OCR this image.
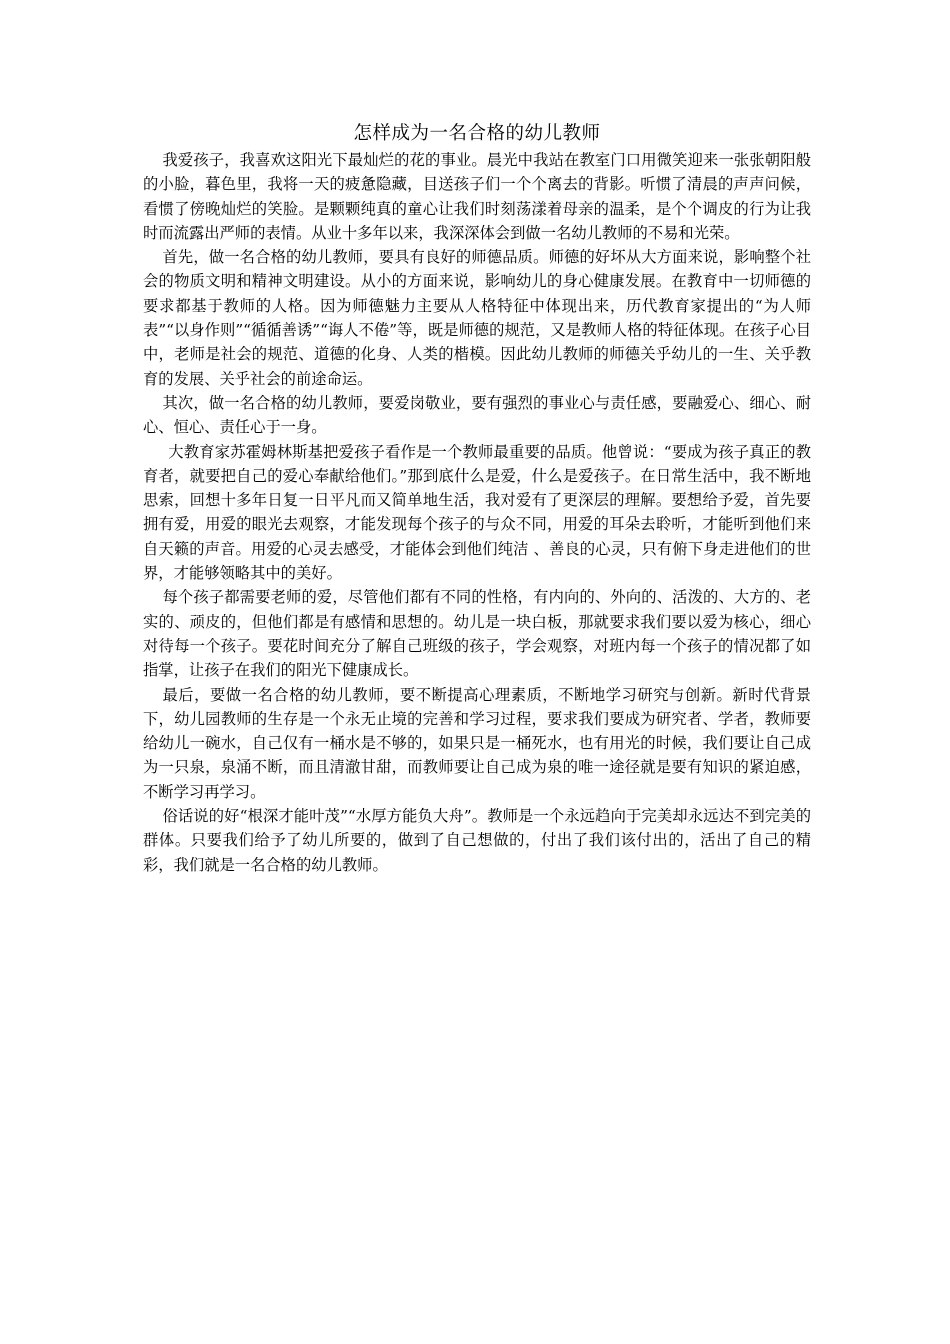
怎样成为一名合格的幼儿教师

我爱孩子，我喜欢这阳光下最灿烂的花的事业。晨光中我站在教室门口用微笑迎来一张张朝阳般的小脸，暮色里，我将一天的疲惫隐藏，目送孩子们一个个离去的背影。听惯了清晨的声声问候，看惯了傍晚灿烂的笑脸。是颗颗纯真的童心让我们时刻荡漾着母亲的温柔，是个个调皮的行为让我时而流露出严师的表情。从业十多年以来，我深深体会到做一名幼儿教师的不易和光荣。

首先，做一名合格的幼儿教师，要具有良好的师德品质。师德的好坏从大方面来说，影响整个社会的物质文明和精神文明建设。从小的方面来说，影响幼儿的身心健康发展。在教育中一切师德的要求都基于教师的人格。因为师德魅力主要从人格特征中体现出来，历代教育家提出的“为人师表”“以身作则”“循循善诱”“诲人不倦”等，既是师德的规范，又是教师人格的特征体现。在孩子心目中，老师是社会的规范、道德的化身、人类的楷模。因此幼儿教师的师德关乎幼儿的一生、关乎教育的发展、关乎社会的前途命运。

其次，做一名合格的幼儿教师，要爱岗敬业，要有强烈的事业心与责任感，要融爱心、细心、耐心、恒心、责任心于一身。

大教育家苏霍姆林斯基把爱孩子看作是一个教师最重要的品质。他曾说：“要成为孩子真正的教育者，就要把自己的爱心奉献给他们。”那到底什么是爱，什么是爱孩子。在日常生活中，我不断地思索，回想十多年日复一日平凡而又简单地生活，我对爱有了更深层的理解。要想给予爱，首先要拥有爱，用爱的眼光去观察，才能发现每个孩子的与众不同，用爱的耳朵去聆听，才能听到他们来自天籁的声音。用爱的心灵去感受，才能体会到他们纯洁 、善良的心灵，只有俯下身走进他们的世界，才能够领略其中的美好。

每个孩子都需要老师的爱，尽管他们都有不同的性格，有内向的、外向的、活泼的、大方的、老实的、顽皮的，但他们都是有感情和思想的。幼儿是一块白板，那就要求我们要以爱为核心，细心对待每一个孩子。要花时间充分了解自己班级的孩子，学会观察，对班内每一个孩子的情况都了如指掌，让孩子在我们的阳光下健康成长。

最后，要做一名合格的幼儿教师，要不断提高心理素质，不断地学习研究与创新。新时代背景下，幼儿园教师的生存是一个永无止境的完善和学习过程，要求我们要成为研究者、学者，教师要给幼儿一碗水，自己仅有一桶水是不够的，如果只是一桶死水，也有用光的时候，我们要让自己成为一只泉，泉涌不断，而且清澈甘甜，而教师要让自己成为泉的唯一途径就是要有知识的紧迫感，不断学习再学习。

俗话说的好“根深才能叶茂”“水厚方能负大舟”。教师是一个永远趋向于完美却永远达不到完美的群体。只要我们给予了幼儿所要的，做到了自己想做的，付出了我们该付出的，活出了自己的精彩，我们就是一名合格的幼儿教师。
